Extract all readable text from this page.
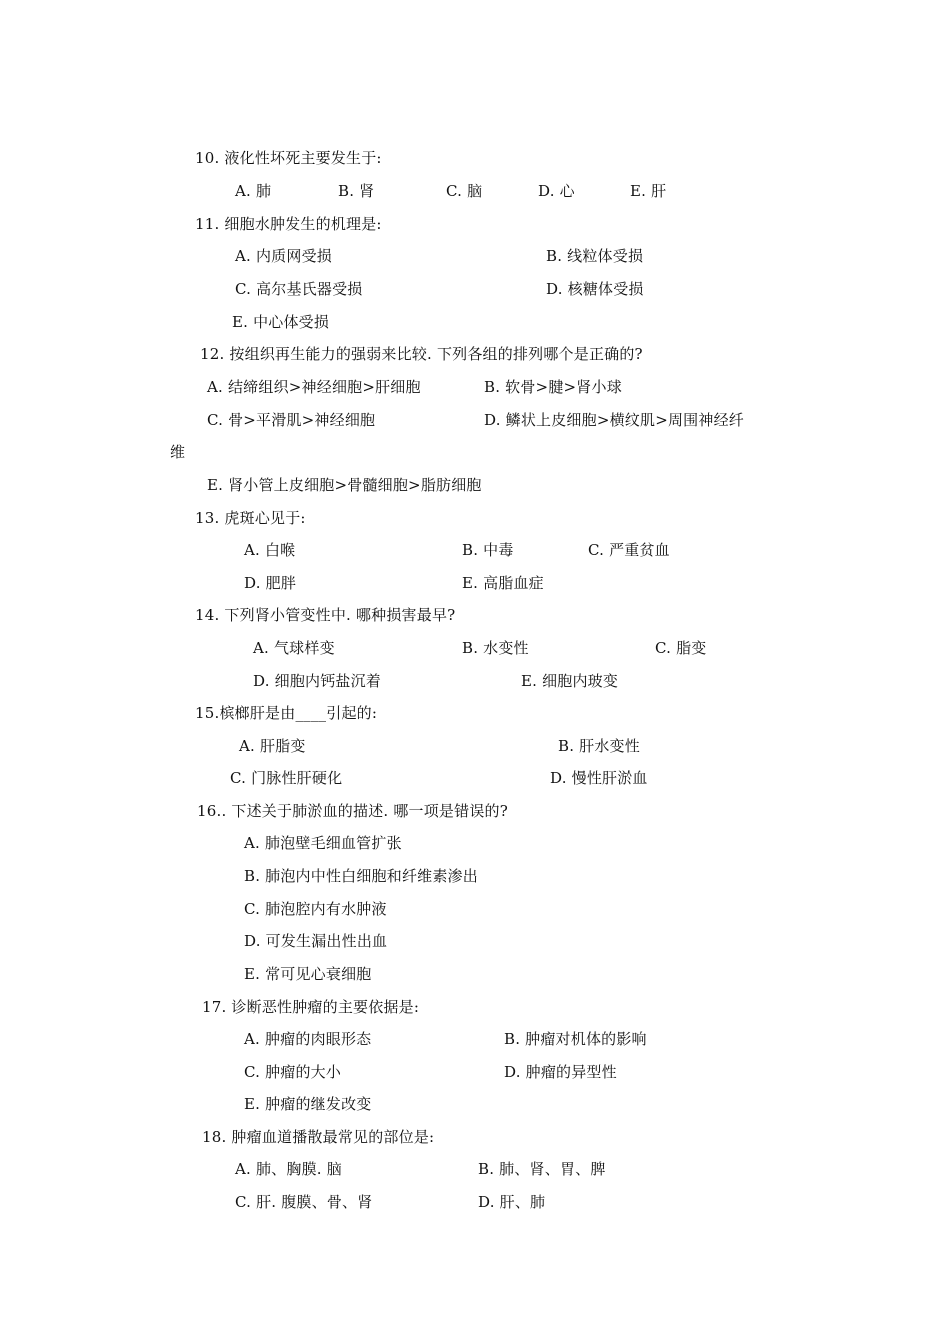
10. 液化性坏死主要发生于:
A. 肺	B. 肾	C. 脑	D. 心	E. 肝
11. 细胞水肿发生的机理是:
A. 内质网受损	B. 线粒体受损
C. 高尔基氏器受损	D. 核糖体受损
E. 中心体受损
12. 按组织再生能力的强弱来比较. 下列各组的排列哪个是正确的?
A. 结缔组织>神经细胞>肝细胞	B. 软骨>腱>肾小球
C. 骨>平滑肌>神经细胞	D. 鳞状上皮细胞>横纹肌>周围神经纤
维
E. 肾小管上皮细胞>骨髓细胞>脂肪细胞
13. 虎斑心见于:
A. 白喉	B. 中毒	C. 严重贫血
D. 肥胖	E. 高脂血症
14. 下列肾小管变性中. 哪种损害最早?
A. 气球样变	B. 水变性	C. 脂变
D. 细胞内钙盐沉着	E. 细胞内玻变
15.槟榔肝是由____引起的:
A. 肝脂变	B. 肝水变性
C. 门脉性肝硬化	D. 慢性肝淤血
16.. 下述关于肺淤血的描述. 哪一项是错误的?
A. 肺泡壁毛细血管扩张
B. 肺泡内中性白细胞和纤维素渗出
C. 肺泡腔内有水肿液
D. 可发生漏出性出血
E. 常可见心衰细胞
17. 诊断恶性肿瘤的主要依据是:
A. 肿瘤的肉眼形态	B. 肿瘤对机体的影响
C. 肿瘤的大小	D. 肿瘤的异型性
E. 肿瘤的继发改变
18. 肿瘤血道播散最常见的部位是:
A. 肺、胸膜. 脑	B. 肺、肾、胃、脾
C. 肝. 腹膜、骨、肾	D. 肝、肺
